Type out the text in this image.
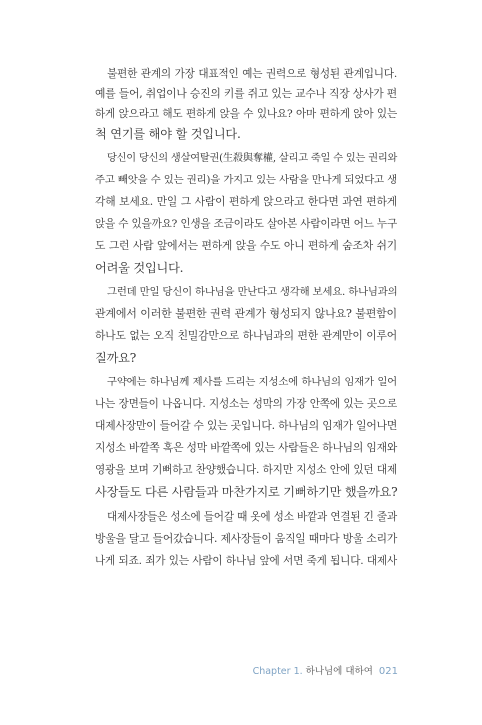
불편한 관계의 가장 대표적인 예는 권력으로 형성된 관계입니다.
예를 들어, 취업이나 승진의 키를 쥐고 있는 교수나 직장 상사가 편
하게 앉으라고 해도 편하게 앉을 수 있나요? 아마 편하게 앉아 있는
척 연기를 해야 할 것입니다.
당신이 당신의 생살여탈권(生殺與奪權, 살리고 죽일 수 있는 권리와
주고 빼앗을 수 있는 권리)을 가지고 있는 사람을 만나게 되었다고 생
각해 보세요. 만일 그 사람이 편하게 앉으라고 한다면 과연 편하게
앉을 수 있을까요? 인생을 조금이라도 살아본 사람이라면 어느 누구
도 그런 사람 앞에서는 편하게 앉을 수도 아니 편하게 숨조차 쉬기
어려울 것입니다.
그런데 만일 당신이 하나님을 만난다고 생각해 보세요. 하나님과의
관계에서 이러한 불편한 권력 관계가 형성되지 않나요? 불편함이
하나도 없는 오직 친밀감만으로 하나님과의 편한 관계만이 이루어
질까요?
구약에는 하나님께 제사를 드리는 지성소에 하나님의 임재가 일어
나는 장면들이 나옵니다. 지성소는 성막의 가장 안쪽에 있는 곳으로
대제사장만이 들어갈 수 있는 곳입니다. 하나님의 임재가 일어나면
지성소 바깥쪽 혹은 성막 바깥쪽에 있는 사람들은 하나님의 임재와
영광을 보며 기뻐하고 찬양했습니다. 하지만 지성소 안에 있던 대제
사장들도 다른 사람들과 마찬가지로 기뻐하기만 했을까요?
대제사장들은 성소에 들어갈 때 옷에 성소 바깥과 연결된 긴 줄과
방울을 달고 들어갔습니다. 제사장들이 움직일 때마다 방울 소리가
나게 되죠. 죄가 있는 사람이 하나님 앞에 서면 죽게 됩니다. 대제사
Chapter 1. 하나님에 대하여 021
